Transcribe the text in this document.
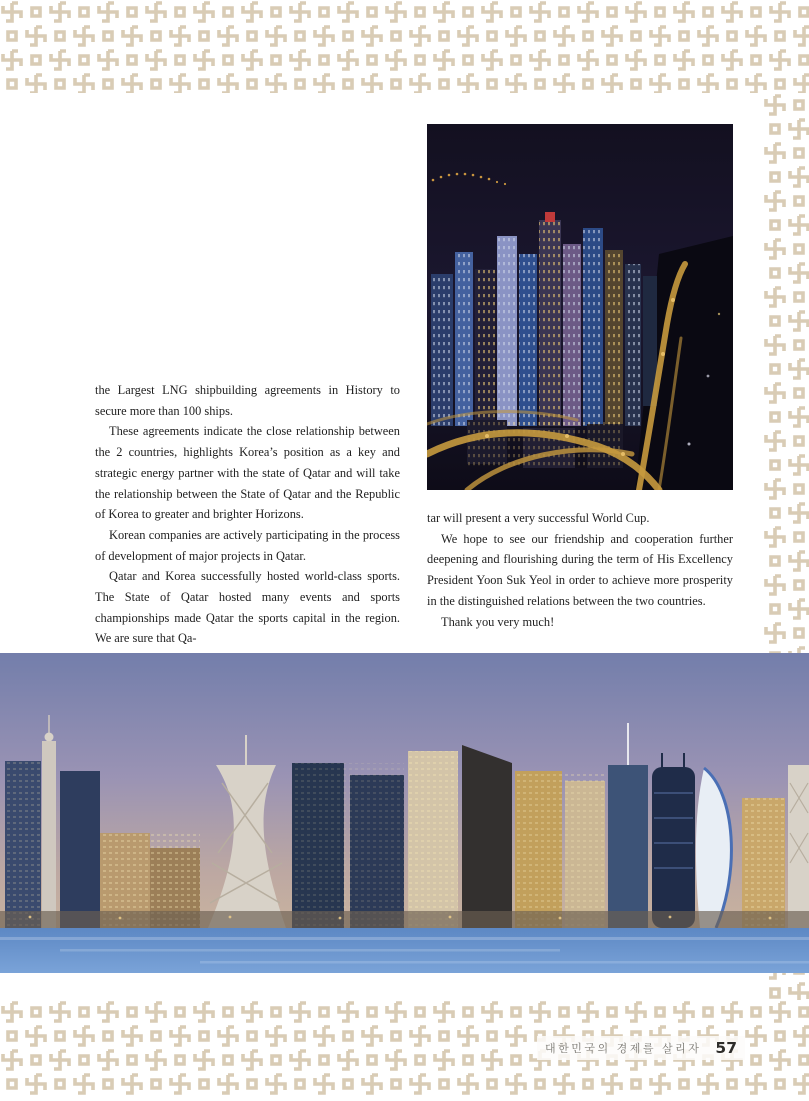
the Largest LNG shipbuilding agreements in History to secure more than 100 ships.

These agreements indicate the close relationship between the 2 countries, highlights Korea’s position as a key and strategic energy partner with the state of Qatar and will take the relationship between the State of Qatar and the Republic of Korea to greater and brighter Horizons.

Korean companies are actively participating in the process of development of major projects in Qatar.

Qatar and Korea successfully hosted world-class sports. The State of Qatar hosted many events and sports championships made Qatar the sports capital in the region. We are sure that Qa-

tar will present a very successful World Cup.

We hope to see our friendship and cooperation further deepening and flourishing during the term of His Excellency President Yoon Suk Yeol in order to achieve more prosperity in the distinguished relations between the two countries.

Thank you very much!

대한민국의 경제를 살리자 57
